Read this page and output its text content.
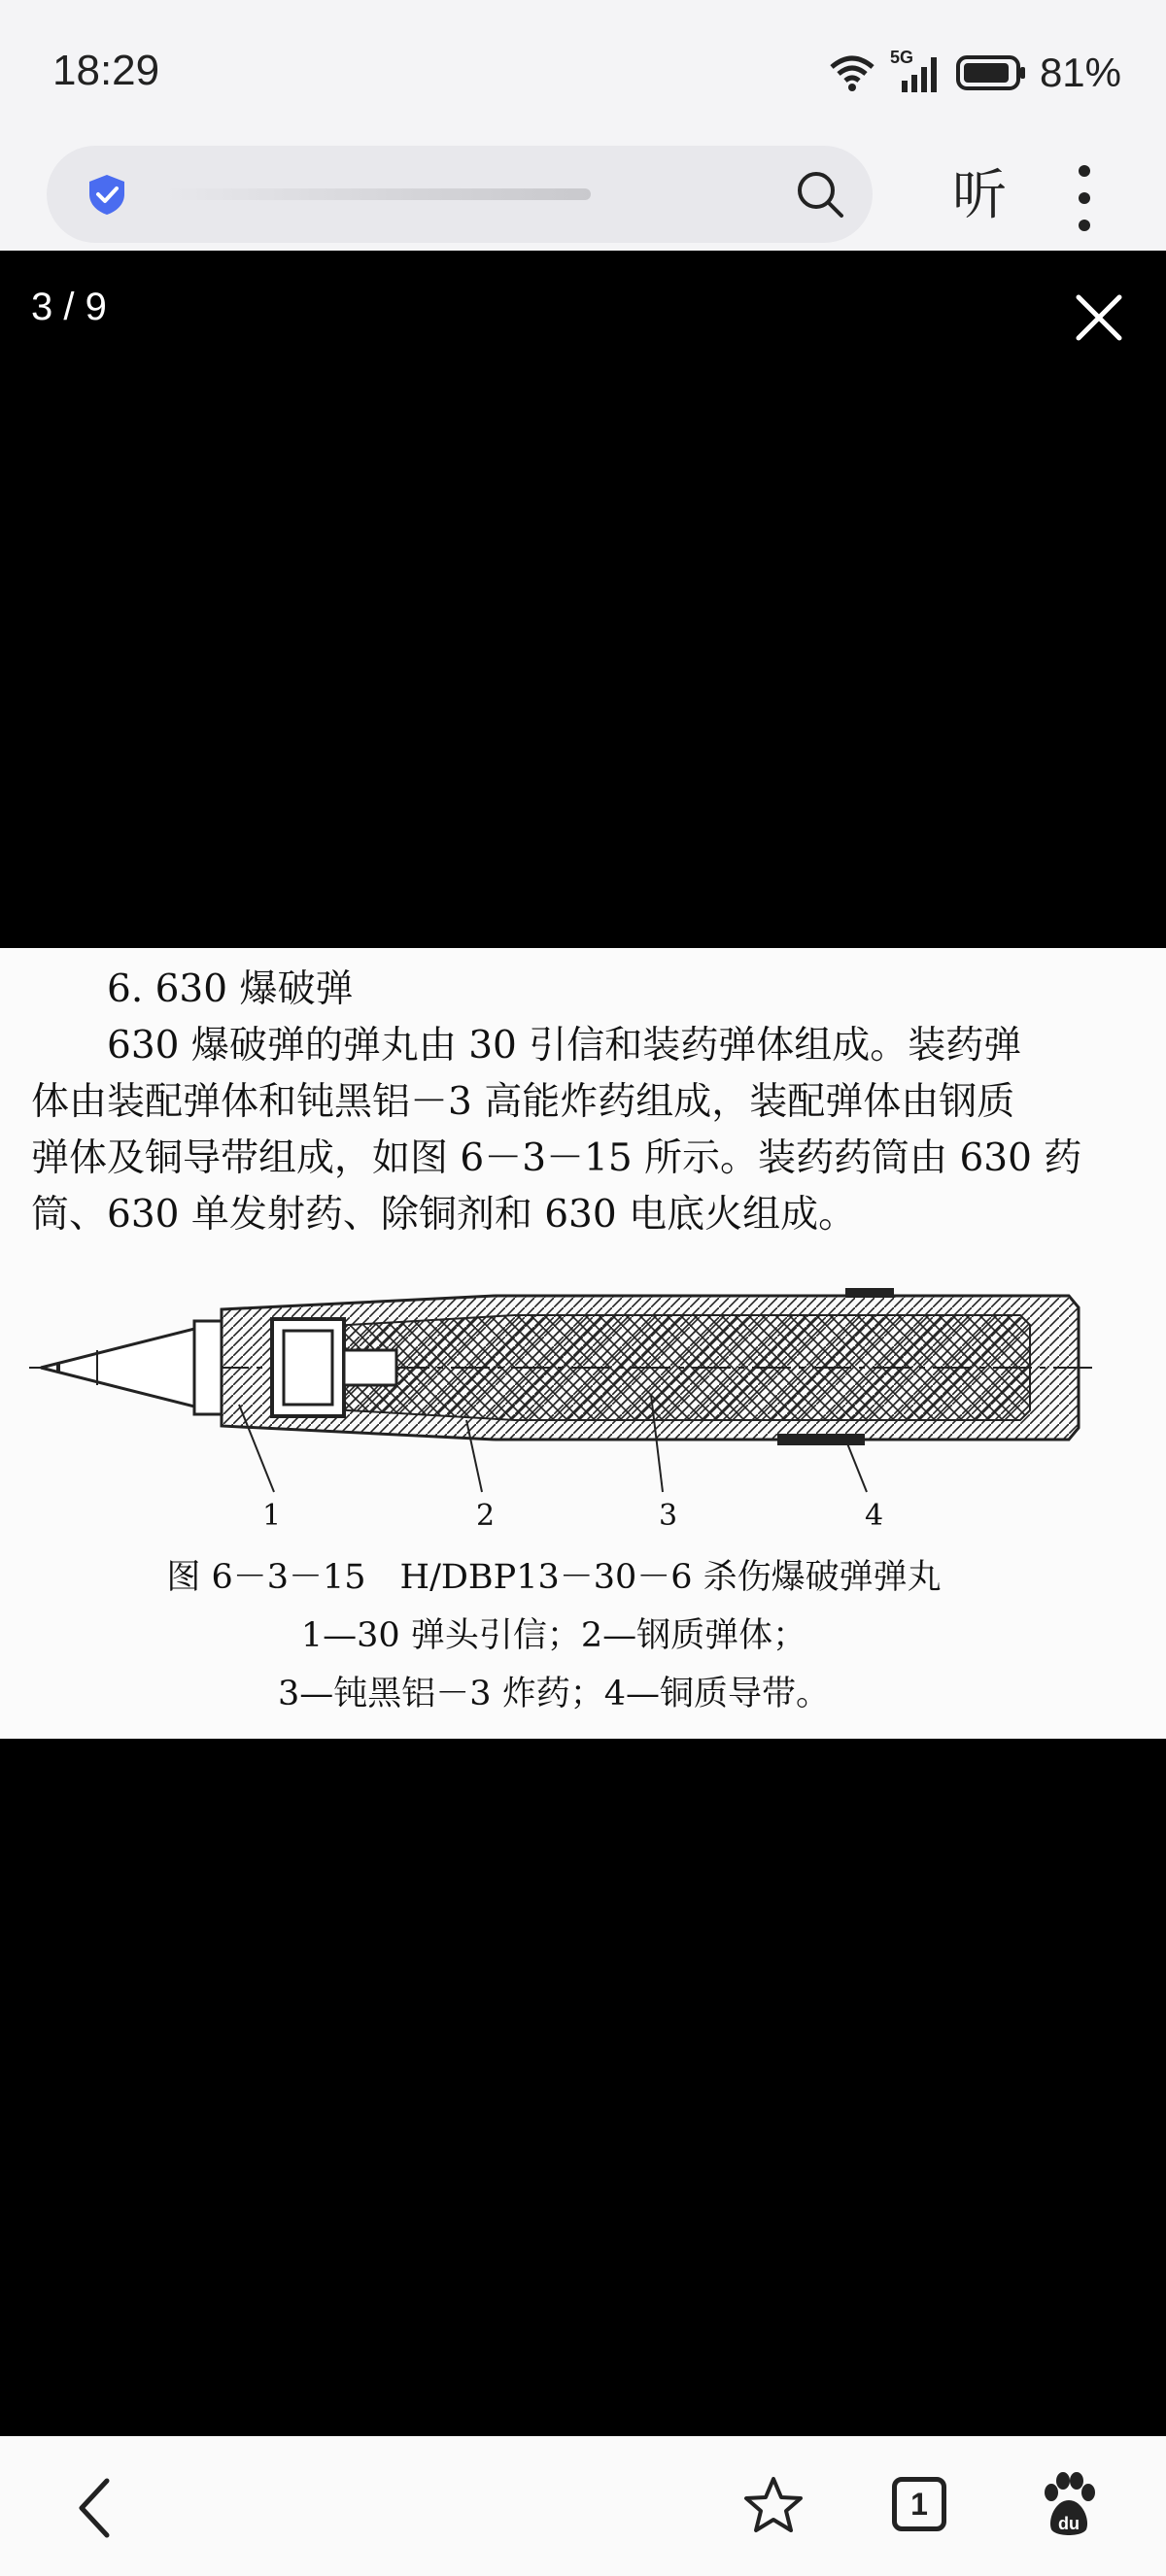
18:29	5G	81%
听
3 / 9
6. 630 爆破弹
630 爆破弹的弹丸由 30 引信和装药弹体组成。装药弹
体由装配弹体和钝黑铝－3 高能炸药组成，装配弹体由钢质
弹体及铜导带组成，如图 6－3－15 所示。装药药筒由 630 药
筒、630 单发射药、除铜剂和 630 电底火组成。
1	2	3	4
图 6－3－15　H/DBP13－30－6 杀伤爆破弹弹丸
1—30 弹头引信；2—钢质弹体；
3—钝黑铝－3 炸药；4—铜质导带。
1
du
